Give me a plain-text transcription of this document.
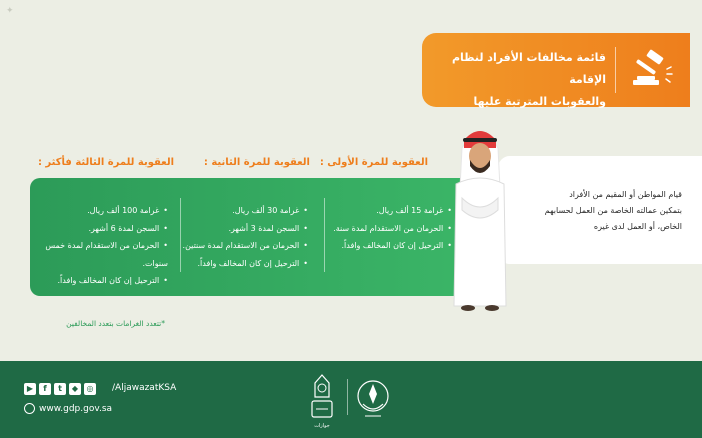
✦
قائمة مخالفات الأفراد لنظام الإقامة
والعقوبات المترتبة عليها
العقوبة للمرة الأولى :
العقوبة للمرة الثانية :
العقوبة للمرة الثالثة فأكثر :
• غرامة 15 ألف ريال.
• الحرمان من الاستقدام لمدة سنة.
• الترحيل إن كان المخالف وافداً.
• غرامة 30 ألف ريال.
• السجن لمدة 3 أشهر.
• الحرمان من الاستقدام لمدة سنتين.
• الترحيل إن كان المخالف وافداً.
• غرامة 100 ألف ريال.
• السجن لمدة 6 أشهر.
• الحرمان من الاستقدام لمدة خمس سنوات.
• الترحيل إن كان المخالف وافداً.
قيام المواطن أو المقيم من الأفراد
بتمكين عمالته الخاصة من العمل لحسابهم
الخاص، أو العمل لدى غيره
*تتعدد الغرامات بتعدد المخالفين
▶	f	t	◆	◎ /AljawazatKSA
www.gdp.gov.sa
جوازات
